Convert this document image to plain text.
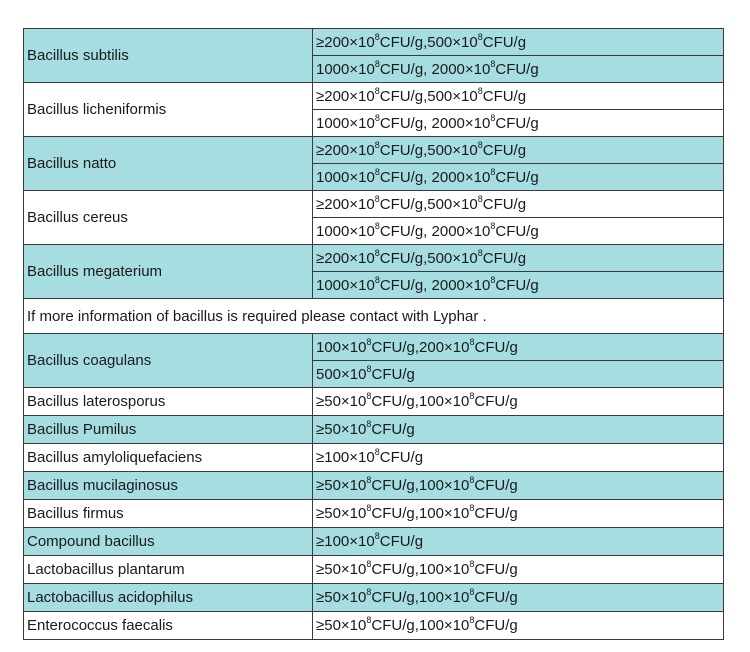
Bacillus subtilis	$\ge 200\times 10^8CFU/g,500\times 10^8CFU/g$
	$1000\times 10^8CFU/g$, $2000\times 10^8CFU/g$
Bacillus licheniformis	$\ge 200\times 10^8CFU/g,500\times 10^8CFU/g$
	$1000\times 10^8CFU/g$, $2000\times 10^8CFU/g$
Bacillus natto	$\ge 200\times 10^8CFU/g,500\times 10^8CFU/g$
	$1000\times 10^8CFU/g$, $2000\times 10^8CFU/g$
Bacillus cereus	$\ge 200\times 10^8CFU/g,500\times 10^8CFU/g$
	$1000\times 10^8CFU/g$, $2000\times 10^8CFU/g$
Bacillus megaterium	$\ge 200\times 10^8CFU/g,500\times 10^8CFU/g$
	$1000\times 10^8CFU/g$, $2000\times 10^8CFU/g$
If more information of bacillus is required please contact with Lyphar .	
Bacillus coagulans	$100\times 10^8CFU/g,200\times 10^8CFU/g$
	$500\times 10^8CFU/g$
Bacillus laterosporus	$\ge 50\times 10^8CFU/g,100\times 10^8CFU/g$
Bacillus Pumilus	$\ge 50\times 10^8CFU/g$
Bacillus amyloliquefaciens	$\ge 100\times 10^8CFU/g$
Bacillus mucilaginosus	$\ge 50\times 10^8CFU/g,100\times 10^8CFU/g$
Bacillus firmus	$\ge 50\times 10^8CFU/g,100\times 10^8CFU/g$
Compound bacillus	$\ge 100\times 10^8CFU/g$
Lactobacillus plantarum	$\ge 50\times 10^8CFU/g,100\times 10^8CFU/g$
Lactobacillus acidophilus	$\ge 50\times 10^8CFU/g,100\times 10^8CFU/g$
Enterococcus faecalis	$\ge 50\times 10^8CFU/g,100\times 10^8CFU/g$
